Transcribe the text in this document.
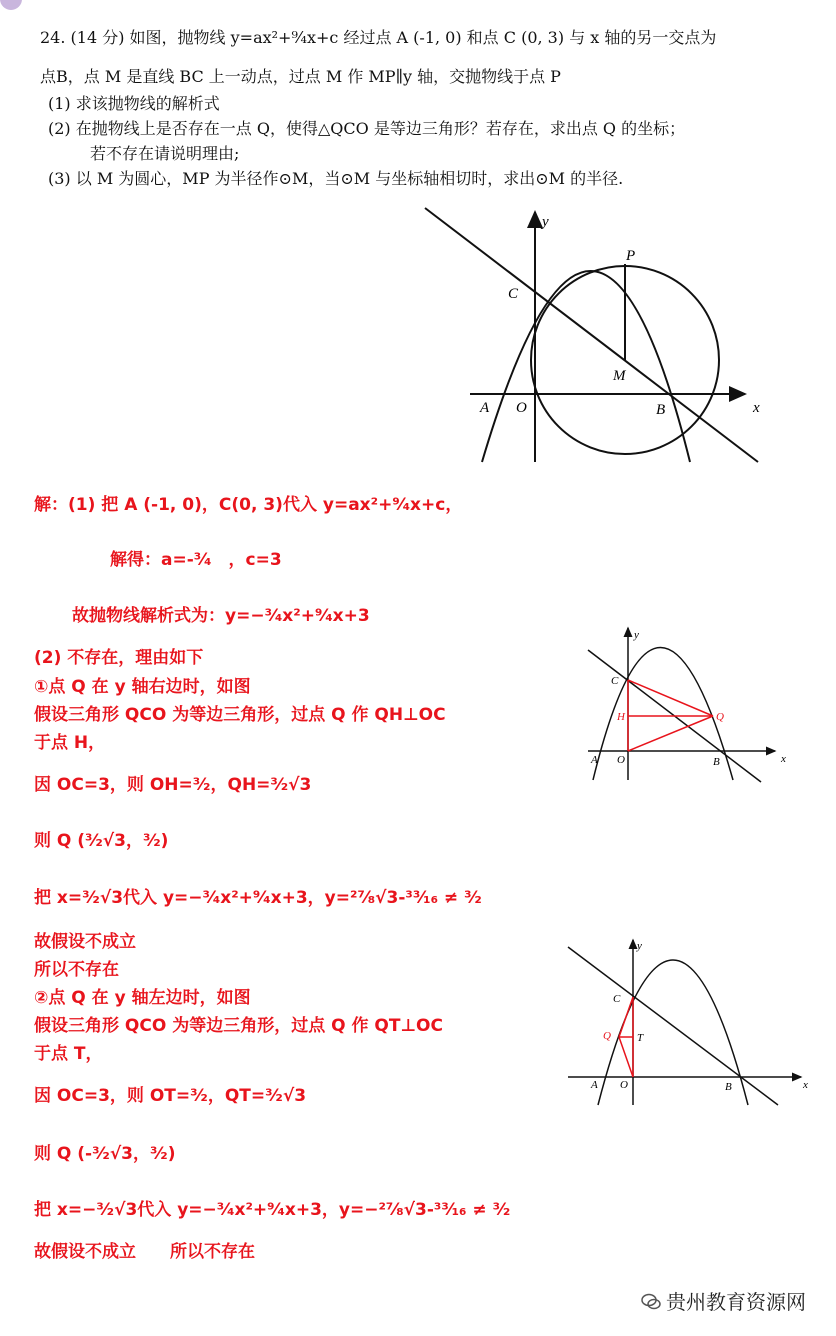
24. (14 分) 如图，抛物线 y=ax²+⁹⁄₄x+c 经过点 A (-1, 0) 和点 C (0, 3) 与 x 轴的另一交点为
点B，点 M 是直线 BC 上一动点，过点 M 作 MP∥y 轴，交抛物线于点 P
(1) 求该抛物线的解析式
(2) 在抛物线上是否存在一点 Q，使得△QCO 是等边三角形？若存在，求出点 Q 的坐标；
若不存在请说明理由;
(3) 以 M 为圆心，MP 为半径作⊙M，当⊙M 与坐标轴相切时，求出⊙M 的半径.
y
x
P
C
M
A O	B
y
x
C
H	Q
A O	B
y
x
C
Q T
A O	B
解：(1) 把 A (-1, 0)，C(0, 3)代入 y=ax²+⁹⁄₄x+c，
解得：a=-³⁄₄　，c=3
故抛物线解析式为：y=−³⁄₄x²+⁹⁄₄x+3
(2) 不存在，理由如下
①点 Q 在 y 轴右边时，如图
假设三角形 QCO 为等边三角形，过点 Q 作 QH⊥OC
于点 H，
因 OC=3，则 OH=³⁄₂，QH=³⁄₂√3
则 Q (³⁄₂√3，³⁄₂)
把 x=³⁄₂√3代入 y=−³⁄₄x²+⁹⁄₄x+3，y=²⁷⁄₈√3-³³⁄₁₆ ≠ ³⁄₂
故假设不成立
所以不存在
②点 Q 在 y 轴左边时，如图
假设三角形 QCO 为等边三角形，过点 Q 作 QT⊥OC
于点 T，
因 OC=3，则 OT=³⁄₂，QT=³⁄₂√3
则 Q (-³⁄₂√3，³⁄₂)
把 x=−³⁄₂√3代入 y=−³⁄₄x²+⁹⁄₄x+3，y=−²⁷⁄₈√3-³³⁄₁₆ ≠ ³⁄₂
故假设不成立　　所以不存在
贵州教育资源网
